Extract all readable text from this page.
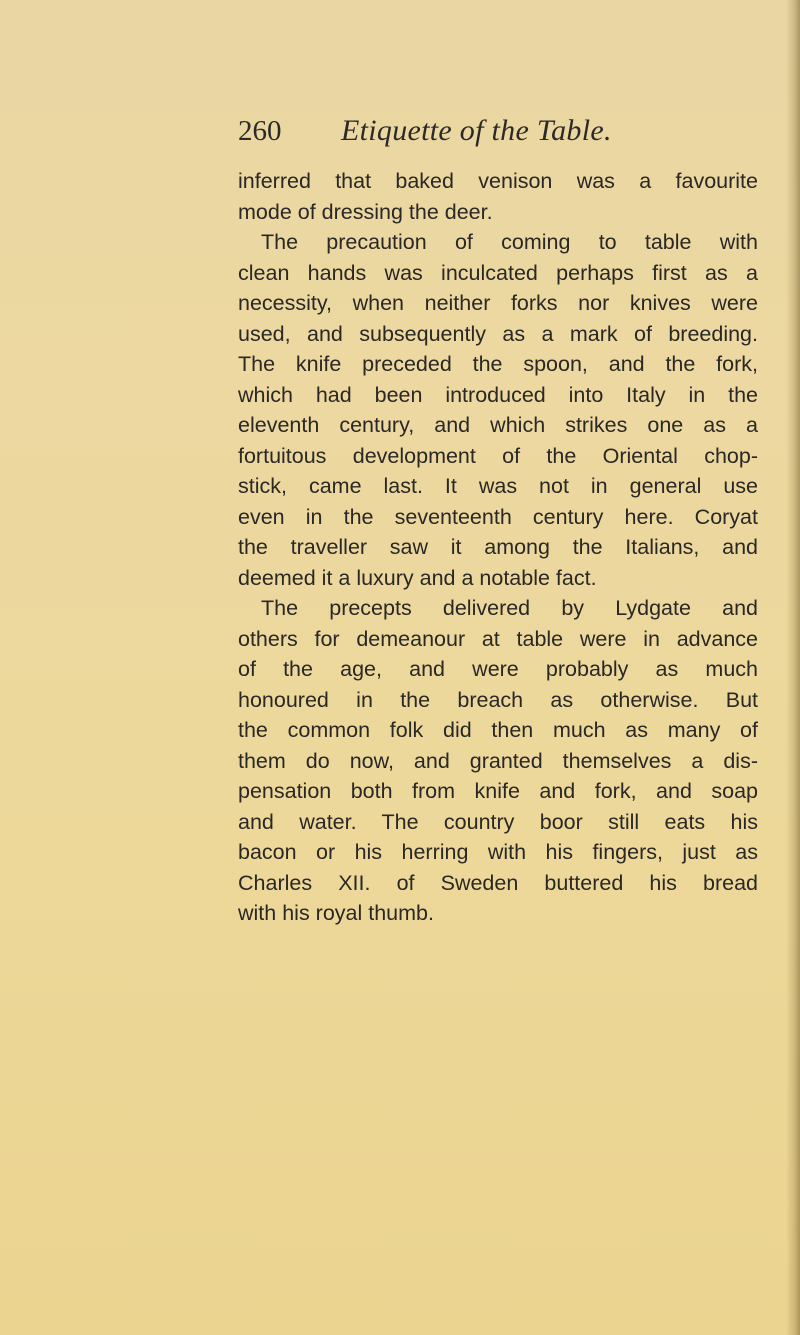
260 Etiquette of the Table.
inferred that baked venison was a favourite
mode of dressing the deer.
The precaution of coming to table with
clean hands was inculcated perhaps first as a
necessity, when neither forks nor knives were
used, and subsequently as a mark of breeding.
The knife preceded the spoon, and the fork,
which had been introduced into Italy in the
eleventh century, and which strikes one as a
fortuitous development of the Oriental chop-
stick, came last. It was not in general use
even in the seventeenth century here. Coryat
the traveller saw it among the Italians, and
deemed it a luxury and a notable fact.
The precepts delivered by Lydgate and
others for demeanour at table were in advance
of the age, and were probably as much
honoured in the breach as otherwise. But
the common folk did then much as many of
them do now, and granted themselves a dis-
pensation both from knife and fork, and soap
and water. The country boor still eats his
bacon or his herring with his fingers, just as
Charles XII. of Sweden buttered his bread
with his royal thumb.
